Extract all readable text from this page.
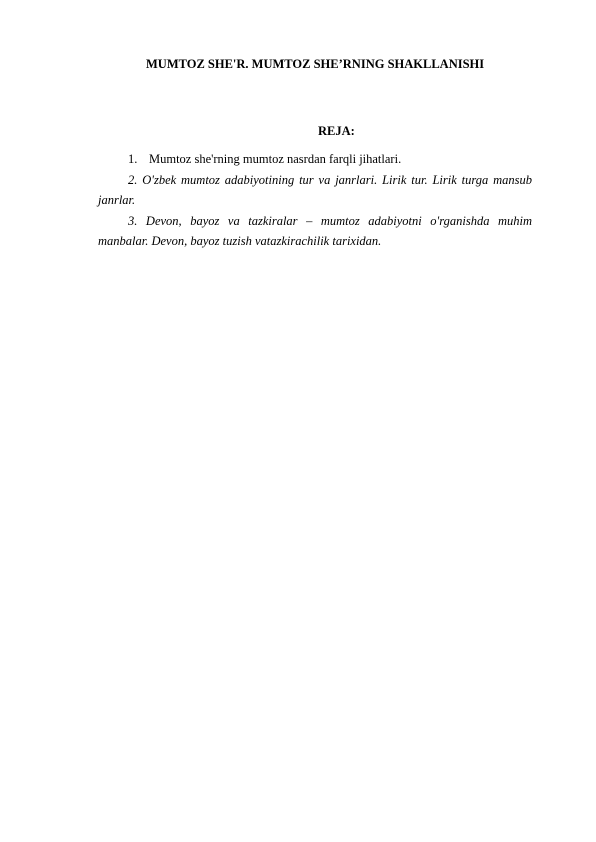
MUMTOZ SHE'R. MUMTOZ SHE’RNING SHAKLLANISHI
REJA:
1. Mumtoz she'rning mumtoz nasrdan farqli jihatlari.

2. O'zbek mumtoz adabiyotining tur va janrlari. Lirik tur. Lirik turga mansub janrlar.

3. Devon, bayoz va tazkiralar – mumtoz adabiyotni o'rganishda muhim manbalar. Devon, bayoz tuzish vatazkirachilik tarixidan.
